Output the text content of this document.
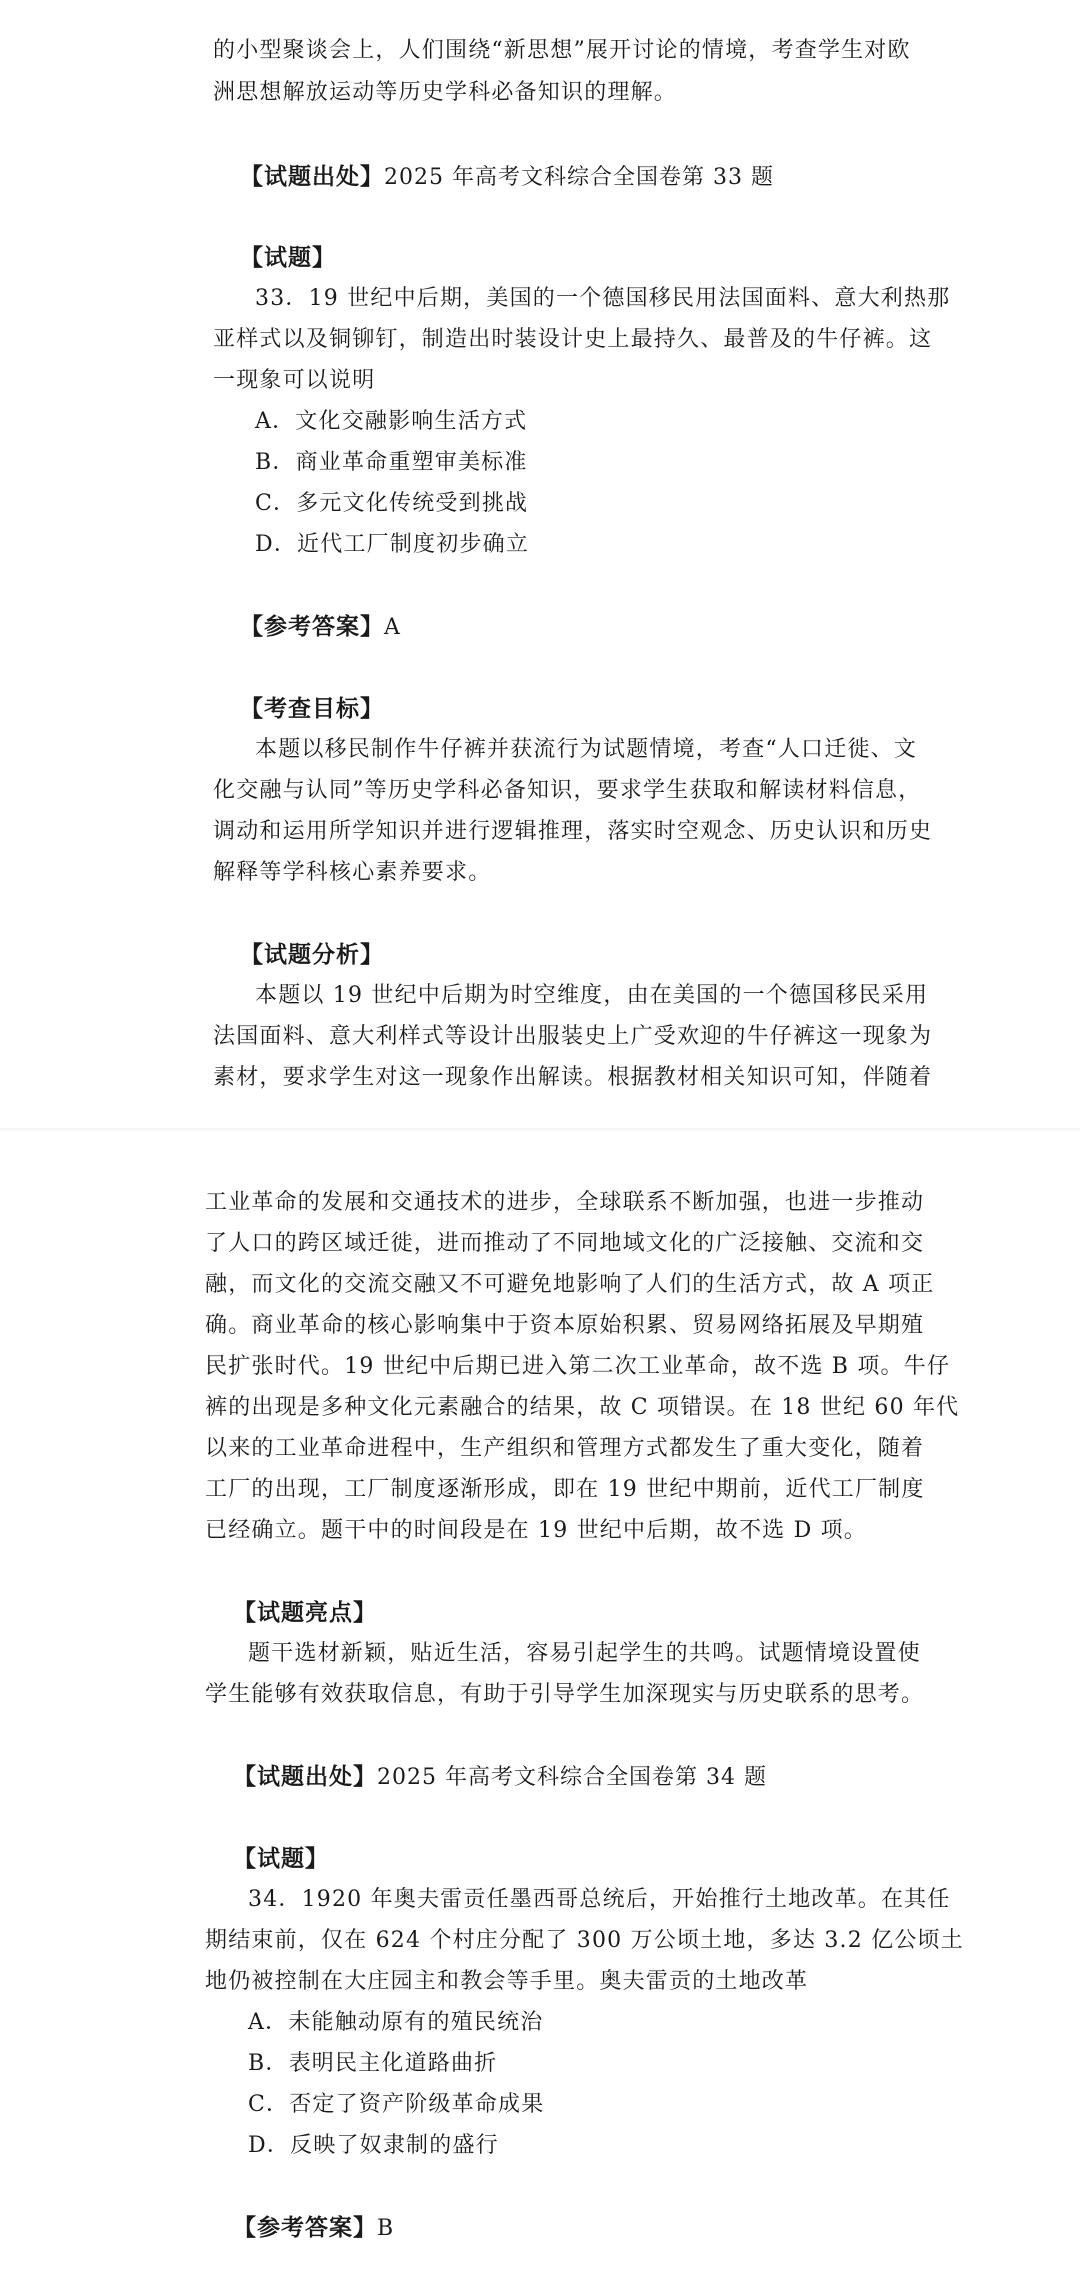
的小型聚谈会上，人们围绕“新思想”展开讨论的情境，考查学生对欧
洲思想解放运动等历史学科必备知识的理解。
【试题出处】2025 年高考文科综合全国卷第 33 题
【试题】
33．19 世纪中后期，美国的一个德国移民用法国面料、意大利热那
亚样式以及铜铆钉，制造出时装设计史上最持久、最普及的牛仔裤。这
一现象可以说明
A．文化交融影响生活方式
B．商业革命重塑审美标准
C．多元文化传统受到挑战
D．近代工厂制度初步确立
【参考答案】A
【考查目标】
本题以移民制作牛仔裤并获流行为试题情境，考查“人口迁徙、文
化交融与认同”等历史学科必备知识，要求学生获取和解读材料信息，
调动和运用所学知识并进行逻辑推理，落实时空观念、历史认识和历史
解释等学科核心素养要求。
【试题分析】
本题以 19 世纪中后期为时空维度，由在美国的一个德国移民采用
法国面料、意大利样式等设计出服装史上广受欢迎的牛仔裤这一现象为
素材，要求学生对这一现象作出解读。根据教材相关知识可知，伴随着
工业革命的发展和交通技术的进步，全球联系不断加强，也进一步推动
了人口的跨区域迁徙，进而推动了不同地域文化的广泛接触、交流和交
融，而文化的交流交融又不可避免地影响了人们的生活方式，故 A 项正
确。商业革命的核心影响集中于资本原始积累、贸易网络拓展及早期殖
民扩张时代。19 世纪中后期已进入第二次工业革命，故不选 B 项。牛仔
裤的出现是多种文化元素融合的结果，故 C 项错误。在 18 世纪 60 年代
以来的工业革命进程中，生产组织和管理方式都发生了重大变化，随着
工厂的出现，工厂制度逐渐形成，即在 19 世纪中期前，近代工厂制度
已经确立。题干中的时间段是在 19 世纪中后期，故不选 D 项。
【试题亮点】
题干选材新颖，贴近生活，容易引起学生的共鸣。试题情境设置使
学生能够有效获取信息，有助于引导学生加深现实与历史联系的思考。
【试题出处】2025 年高考文科综合全国卷第 34 题
【试题】
34．1920 年奥夫雷贡任墨西哥总统后，开始推行土地改革。在其任
期结束前，仅在 624 个村庄分配了 300 万公顷土地，多达 3.2 亿公顷土
地仍被控制在大庄园主和教会等手里。奥夫雷贡的土地改革
A．未能触动原有的殖民统治
B．表明民主化道路曲折
C．否定了资产阶级革命成果
D．反映了奴隶制的盛行
【参考答案】B
